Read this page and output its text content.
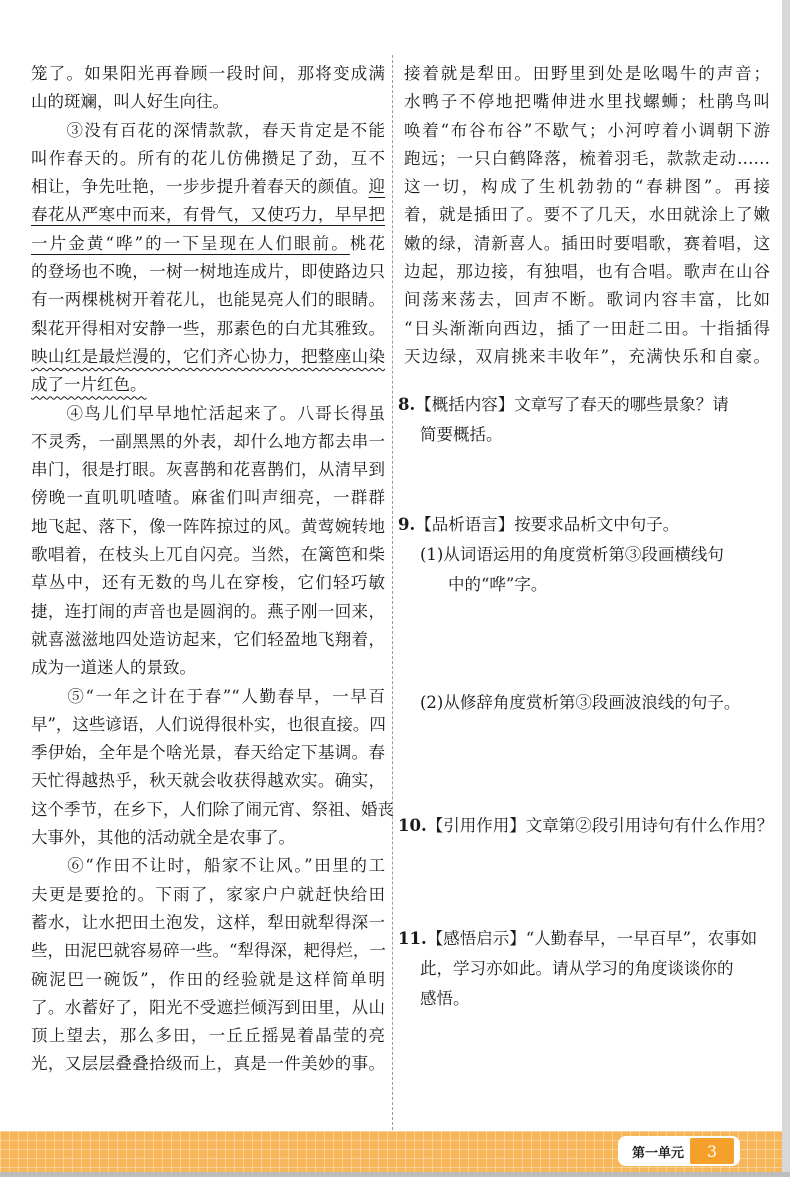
笼了。如果阳光再眷顾一段时间，那将变成满
山的斑斓，叫人好生向往。
　　③没有百花的深情款款，春天肯定是不能
叫作春天的。所有的花儿仿佛攒足了劲，互不
相让，争先吐艳，一步步提升着春天的颜值。迎
春花从严寒中而来，有骨气，又使巧力，早早把
一片金黄“哗”的一下呈现在人们眼前。桃花
的登场也不晚，一树一树地连成片，即使路边只
有一两棵桃树开着花儿，也能晃亮人们的眼睛。
梨花开得相对安静一些，那素色的白尤其雅致。
映山红是最烂漫的，它们齐心协力，把整座山染
成了一片红色。
　　④鸟儿们早早地忙活起来了。八哥长得虽
不灵秀，一副黑黑的外表，却什么地方都去串一
串门，很是打眼。灰喜鹊和花喜鹊们，从清早到
傍晚一直叽叽喳喳。麻雀们叫声细亮，一群群
地飞起、落下，像一阵阵掠过的风。黄莺婉转地
歌唱着，在枝头上兀自闪亮。当然，在篱笆和柴
草丛中，还有无数的鸟儿在穿梭，它们轻巧敏
捷，连打闹的声音也是圆润的。燕子刚一回来，
就喜滋滋地四处造访起来，它们轻盈地飞翔着，
成为一道迷人的景致。
　　⑤“一年之计在于春”“人勤春早，一早百
早”，这些谚语，人们说得很朴实，也很直接。四
季伊始，全年是个啥光景，春天给定下基调。春
天忙得越热乎，秋天就会收获得越欢实。确实，
这个季节，在乡下，人们除了闹元宵、祭祖、婚丧
大事外，其他的活动就全是农事了。
　　⑥“作田不让时，船家不让风。”田里的工
夫更是要抢的。下雨了，家家户户就赶快给田
蓄水，让水把田土泡发，这样，犁田就犁得深一
些，田泥巴就容易碎一些。“犁得深，耙得烂，一
碗泥巴一碗饭”，作田的经验就是这样简单明
了。水蓄好了，阳光不受遮拦倾泻到田里，从山
顶上望去，那么多田，一丘丘摇晃着晶莹的亮
光，又层层叠叠拾级而上，真是一件美妙的事。
接着就是犁田。田野里到处是吆喝牛的声音；
水鸭子不停地把嘴伸进水里找螺蛳；杜鹃鸟叫
唤着“布谷布谷”不歇气；小河哼着小调朝下游
跑远；一只白鹤降落，梳着羽毛，款款走动……
这一切，构成了生机勃勃的“春耕图”。再接
着，就是插田了。要不了几天，水田就涂上了嫩
嫩的绿，清新喜人。插田时要唱歌，赛着唱，这
边起，那边接，有独唱，也有合唱。歌声在山谷
间荡来荡去，回声不断。歌词内容丰富，比如
“日头渐渐向西边，插了一田赶二田。十指插得
天边绿，双肩挑来丰收年”，充满快乐和自豪。
8.【概括内容】文章写了春天的哪些景象？请
简要概括。
9.【品析语言】按要求品析文中句子。
(1)从词语运用的角度赏析第③段画横线句
中的“哗”字。
(2)从修辞角度赏析第③段画波浪线的句子。
10.【引用作用】文章第②段引用诗句有什么作用？
11.【感悟启示】“人勤春早，一早百早”，农事如
此，学习亦如此。请从学习的角度谈谈你的
感悟。
第一单元	3
